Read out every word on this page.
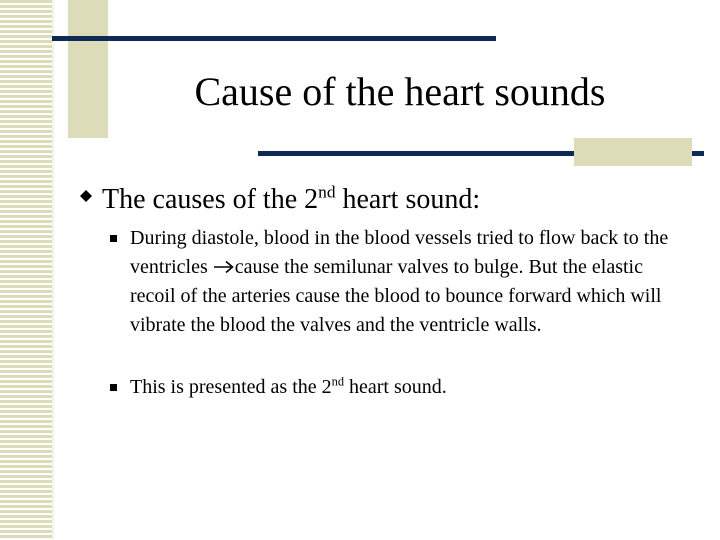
Cause of the heart sounds
The causes of the 2nd heart sound:
During diastole, blood in the blood vessels tried to flow back to the ventricles cause the semilunar valves to bulge. But the elastic recoil of the arteries cause the blood to bounce forward which will vibrate the blood the valves and the ventricle walls.
This is presented as the 2nd heart sound.
